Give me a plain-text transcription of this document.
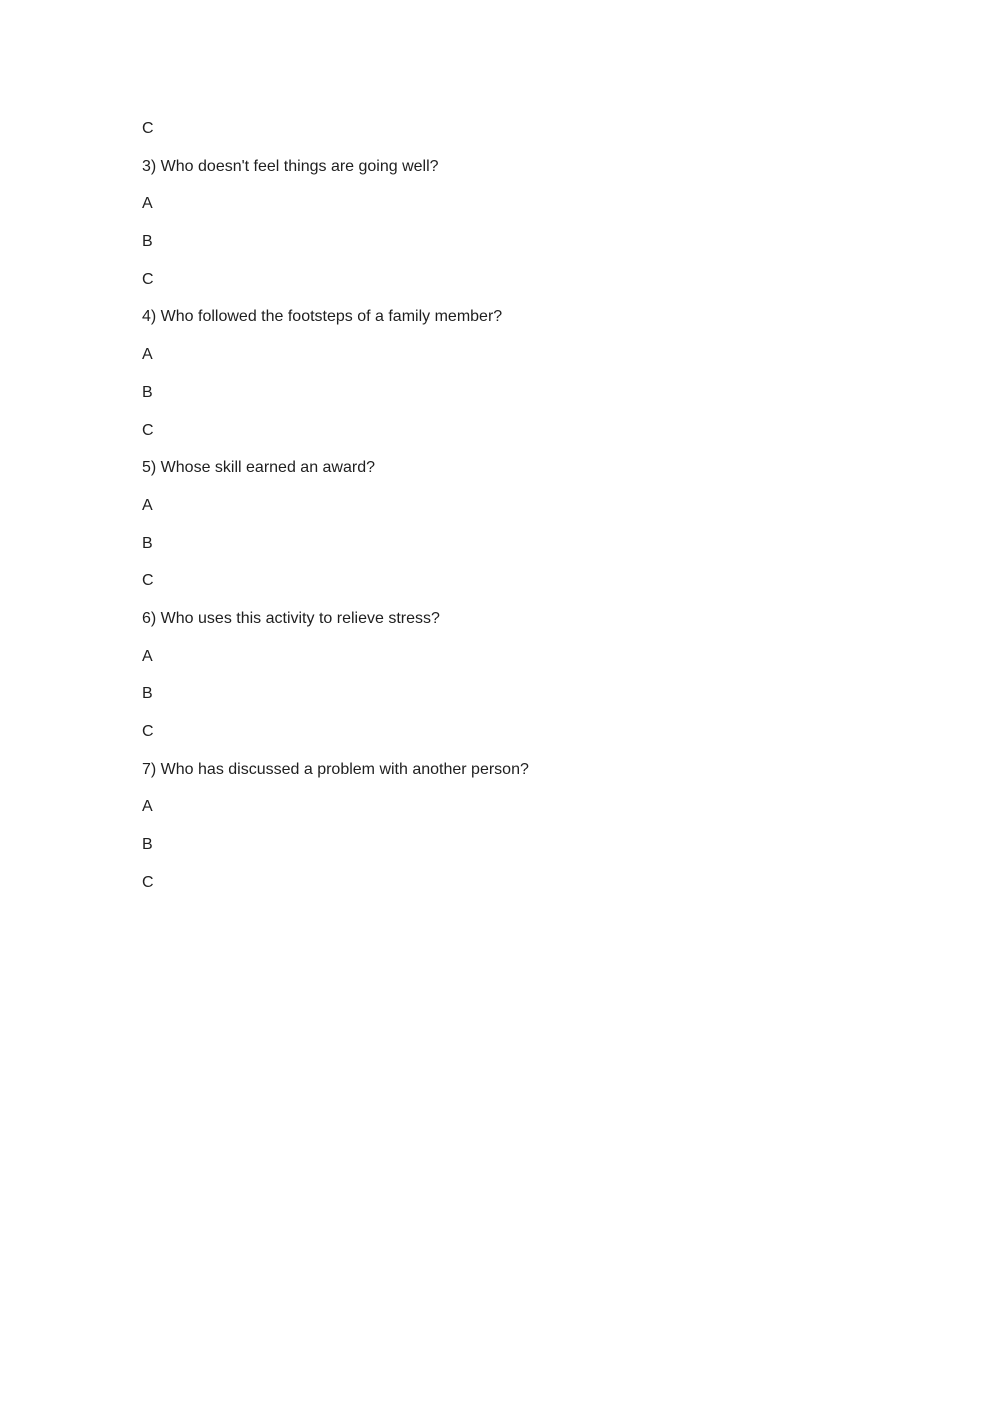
C
3) Who doesn't feel things are going well?
A
B
C
4) Who followed the footsteps of a family member?
A
B
C
5) Whose skill earned an award?
A
B
C
6) Who uses this activity to relieve stress?
A
B
C
7) Who has discussed a problem with another person?
A
B
C
